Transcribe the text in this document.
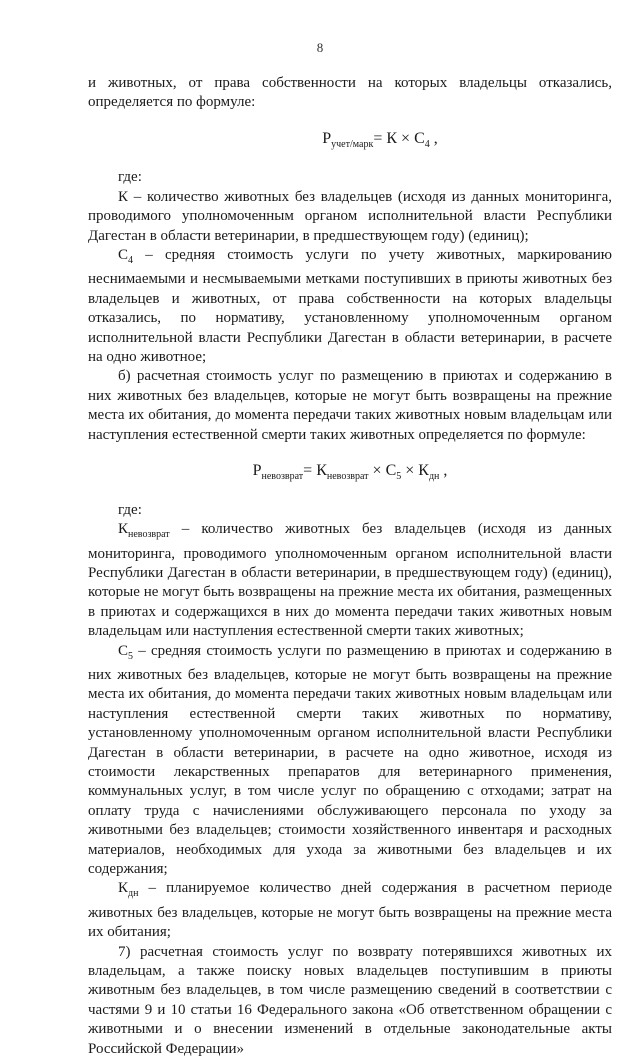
8

и животных, от права собственности на которых владельцы отказались, определяется по формуле:

$Р_{учет/марк}= К \times С_4$ ,

где:

К – количество животных без владельцев (исходя из данных мониторинга, проводимого уполномоченным органом исполнительной власти Республики Дагестан в области ветеринарии, в предшествующем году) (единиц);

$С_4$ – средняя стоимость услуги по учету животных, маркированию неснимаемыми и несмываемыми метками поступивших в приюты животных без владельцев и животных, от права собственности на которых владельцы отказались, по нормативу, установленному уполномоченным органом исполнительной власти Республики Дагестан в области ветеринарии, в расчете на одно животное;

б) расчетная стоимость услуг по размещению в приютах и содержанию в них животных без владельцев, которые не могут быть возвращены на прежние места их обитания, до момента передачи таких животных новым владельцам или наступления естественной смерти таких животных определяется по формуле:

$Р_{невозврат}= К_{невозврат} \times С_5 \times К_{дн}$ ,

где:

$К_{невозврат}$ – количество животных без владельцев (исходя из данных мониторинга, проводимого уполномоченным органом исполнительной власти Республики Дагестан в области ветеринарии, в предшествующем году) (единиц), которые не могут быть возвращены на прежние места их обитания, размещенных в приютах и содержащихся в них до момента передачи таких животных новым владельцам или наступления естественной смерти таких животных;

$С_5$ – средняя стоимость услуги по размещению в приютах и содержанию в них животных без владельцев, которые не могут быть возвращены на прежние места их обитания, до момента передачи таких животных новым владельцам или наступления естественной смерти таких животных по нормативу, установленному уполномоченным органом исполнительной власти Республики Дагестан в области ветеринарии, в расчете на одно животное, исходя из стоимости лекарственных препаратов для ветеринарного применения, коммунальных услуг, в том числе услуг по обращению с отходами; затрат на оплату труда с начислениями обслуживающего персонала по уходу за животными без владельцев; стоимости хозяйственного инвентаря и расходных материалов, необходимых для ухода за животными без владельцев и их содержания;

$К_{дн}$ – планируемое количество дней содержания в расчетном периоде животных без владельцев, которые не могут быть возвращены на прежние места их обитания;

7) расчетная стоимость услуг по возврату потерявшихся животных их владельцам, а также поиску новых владельцев поступившим в приюты животным без владельцев, в том числе размещению сведений в соответствии с частями 9 и 10 статьи 16 Федерального закона «Об ответственном обращении с животными и о внесении изменений в отдельные законодательные акты Российской Федерации»
